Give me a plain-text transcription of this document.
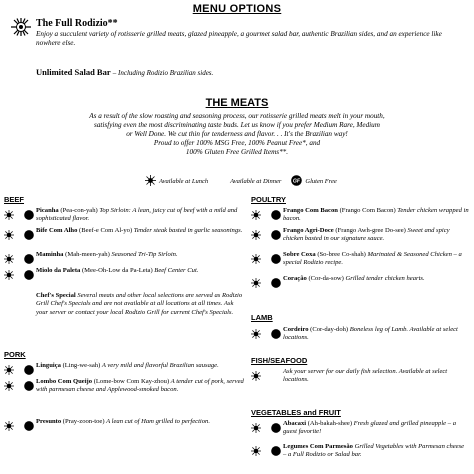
MENU OPTIONS
The Full Rodizio**
Enjoy a succulent variety of rotisserie grilled meats, glazed pineapple, a gourmet salad bar, authentic Brazilian sides, and an experience like nowhere else.
Unlimited Salad Bar – Including Rodizio Brazilian sides.
THE MEATS
As a result of the slow roasting and seasoning process, our rotisserie grilled meats melt in your mouth,
satisfying even the most discriminating taste buds. Let us know if you prefer Medium Rare, Medium
or Well Done. We cut thin for tenderness and flavor. . . It's the Brazilian way!
Proud to offer 100% MSG Free, 100% Peanut Free*, and
100% Gluten Free Grilled Items**.
Available at Lunch	Available at Dinner GF Gluten Free
BEEF
Picanha (Pea-con-yah) Top Sirloin: A lean, juicy cut of beef with a mild and sophisticated flavor.
Bife Com Alho (Beef-e Com Al-yo) Tender steak basted in garlic seasonings.
Maminha (Mah-meen-yah) Seasoned Tri-Tip Sirloin.
Miolo da Paleta (Mee-Oh-Low da Pa-Leta) Beef Center Cut.
Chef's Special Several meats and other local selections are served as Rodizio Grill Chef's Specials and are not available at all locations at all times. Ask your server or contact your local Rodizio Grill for current Chef's Specials.
PORK
Linguiça (Ling-we-sah) A very mild and flavorful Brazilian sausage.
Lombo Com Queijo (Lome-bow Com Kay-zhou) A tender cut of pork, served with parmesan cheese and Applewood-smoked bacon.
Presunto (Pray-zoon-toe) A lean cut of Ham grilled to perfection.
POULTRY
Frango Com Bacon (Frango Com Bacon) Tender chicken wrapped in bacon.
Frango Agri-Doce (Frango Awh-gree Do-see) Sweet and spicy chicken basted in our signature sauce.
Sobre Coxa (So-bree Co-shah) Marinated & Seasoned Chicken – a special Rodizio recipe.
Coração (Cor-da-sow) Grilled tender chicken hearts.
LAMB
Cordeiro (Cor-day-doh) Boneless leg of Lamb. Available at select locations.
FISH/SEAFOOD
Ask your server for our daily fish selection. Available at select locations.
VEGETABLES and FRUIT
Abacaxi (Ah-bakah-shee) Fresh glazed and grilled pineapple – a guest favorite!
Legumes Com Parmesão Grilled Vegetables with Parmesan cheese – a Full Rodizio or Salad bar.
